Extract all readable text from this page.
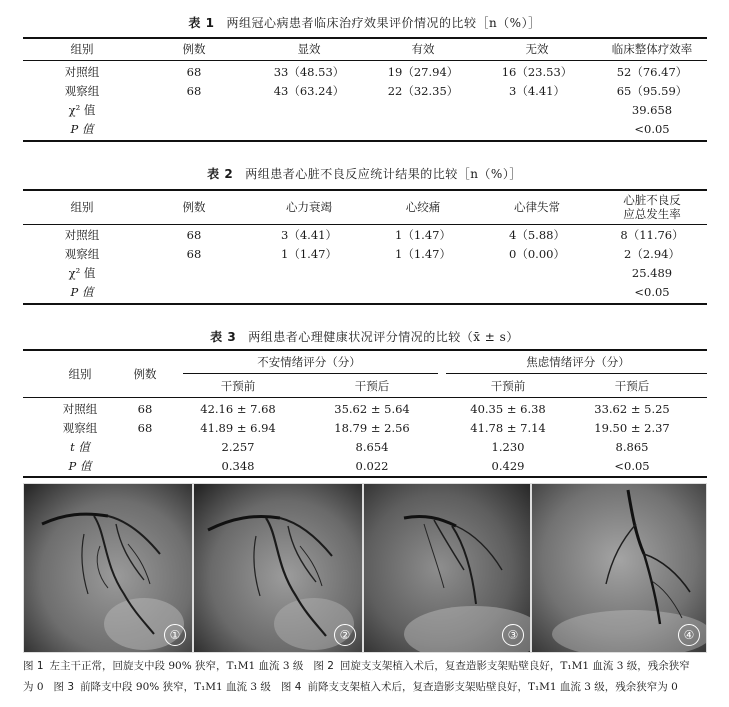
表 1 两组冠心病患者临床治疗效果评价情况的比较［n（%）］
组别	例数	显效	有效	无效	临床整体疗效率
对照组	68	33（48.53）	19（27.94）	16（23.53）	52（76.47）
观察组	68	43（63.24）	22（32.35）	3（4.41）	65（95.59）
χ² 值	39.658
P 值	<0.05
表 2 两组患者心脏不良反应统计结果的比较［n（%）］
组别	例数	心力衰竭	心绞痛	心律失常	心脏不良反
应总发生率
对照组	68	3（4.41）	1（1.47）	4（5.88）	8（11.76）
观察组	68	1（1.47）	1（1.47）	0（0.00）	2（2.94）
χ² 值	25.489
P 值	<0.05
表 3 两组患者心理健康状况评分情况的比较（x̄ ± s）
组别	例数
不安情绪评分（分）	焦虑情绪评分（分）
干预前	干预后	干预前	干预后
对照组	68	42.16 ± 7.68	35.62 ± 5.64	40.35 ± 6.38	33.62 ± 5.25
观察组	68	41.89 ± 6.94	18.79 ± 2.56	41.78 ± 7.14	19.50 ± 2.37
t 值	2.257	8.654	1.230	8.865
P 值	0.348	0.022	0.429	<0.05
①	②	③	④
图 1 左主干正常，回旋支中段 90% 狭窄，T₁M1 血流 3 级 图 2 回旋支支架植入术后，复查造影支架贴壁良好，T₁M1 血流 3 级，残余狭窄
为 0 图 3 前降支中段 90% 狭窄，T₁M1 血流 3 级 图 4 前降支支架植入术后，复查造影支架贴壁良好，T₁M1 血流 3 级，残余狭窄为 0
